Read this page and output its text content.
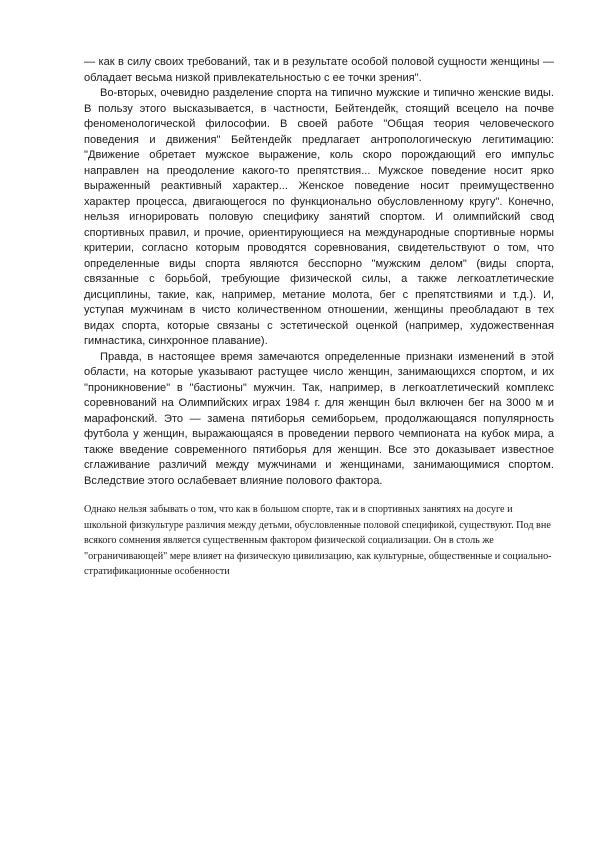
— как в силу своих требований, так и в результате особой половой сущности женщины — обладает весьма низкой привлекательностью с ее точки зрения".

Во-вторых, очевидно разделение спорта на типично мужские и типично женские виды. В пользу этого высказывается, в частности, Бейтендейк, стоящий всецело на почве феноменологической философии. В своей работе "Общая теория человеческого поведения и движения" Бейтендейк предлагает антропологическую легитимацию: "Движение обретает мужское выражение, коль скоро порождающий его импульс направлен на преодоление какого-то препятствия... Мужское поведение носит ярко выраженный реактивный характер... Женское поведение носит преимущественно характер процесса, двигающегося по функционально обусловленному кругу". Конечно, нельзя игнорировать половую специфику занятий спортом. И олимпийский свод спортивных правил, и прочие, ориентирующиеся на международные спортивные нормы критерии, согласно которым проводятся соревнования, свидетельствуют о том, что определенные виды спорта являются бесспорно "мужским делом" (виды спорта, связанные с борьбой, требующие физической силы, а также легкоатлетические дисциплины, такие, как, например, метание молота, бег с препятствиями и т.д.). И, уступая мужчинам в чисто количественном отношении, женщины преобладают в тех видах спорта, которые связаны с эстетической оценкой (например, художественная гимнастика, синхронное плавание).

Правда, в настоящее время замечаются определенные признаки изменений в этой области, на которые указывают растущее число женщин, занимающихся спортом, и их "проникновение" в "бастионы" мужчин. Так, например, в легкоатлетический комплекс соревнований на Олимпийских играх 1984 г. для женщин был включен бег на 3000 м и марафонский. Это — замена пятиборья семиборьем, продолжающаяся популярность футбола у женщин, выражающаяся в проведении первого чемпионата на кубок мира, а также введение современного пятиборья для женщин. Все это доказывает известное сглаживание различий между мужчинами и женщинами, занимающимися спортом. Вследствие этого ослабевает влияние полового фактора.

Однако нельзя забывать о том, что как в большом спорте, так и в спортивных занятиях на досуге и школьной физкультуре различия между детьми, обусловленные половой спецификой, существуют. Под вне всякого сомнения является существенным фактором физической социализации. Он в столь же "ограничивающей" мере влияет на физическую цивилизацию, как культурные, общественные и социально-стратификационные особенности
